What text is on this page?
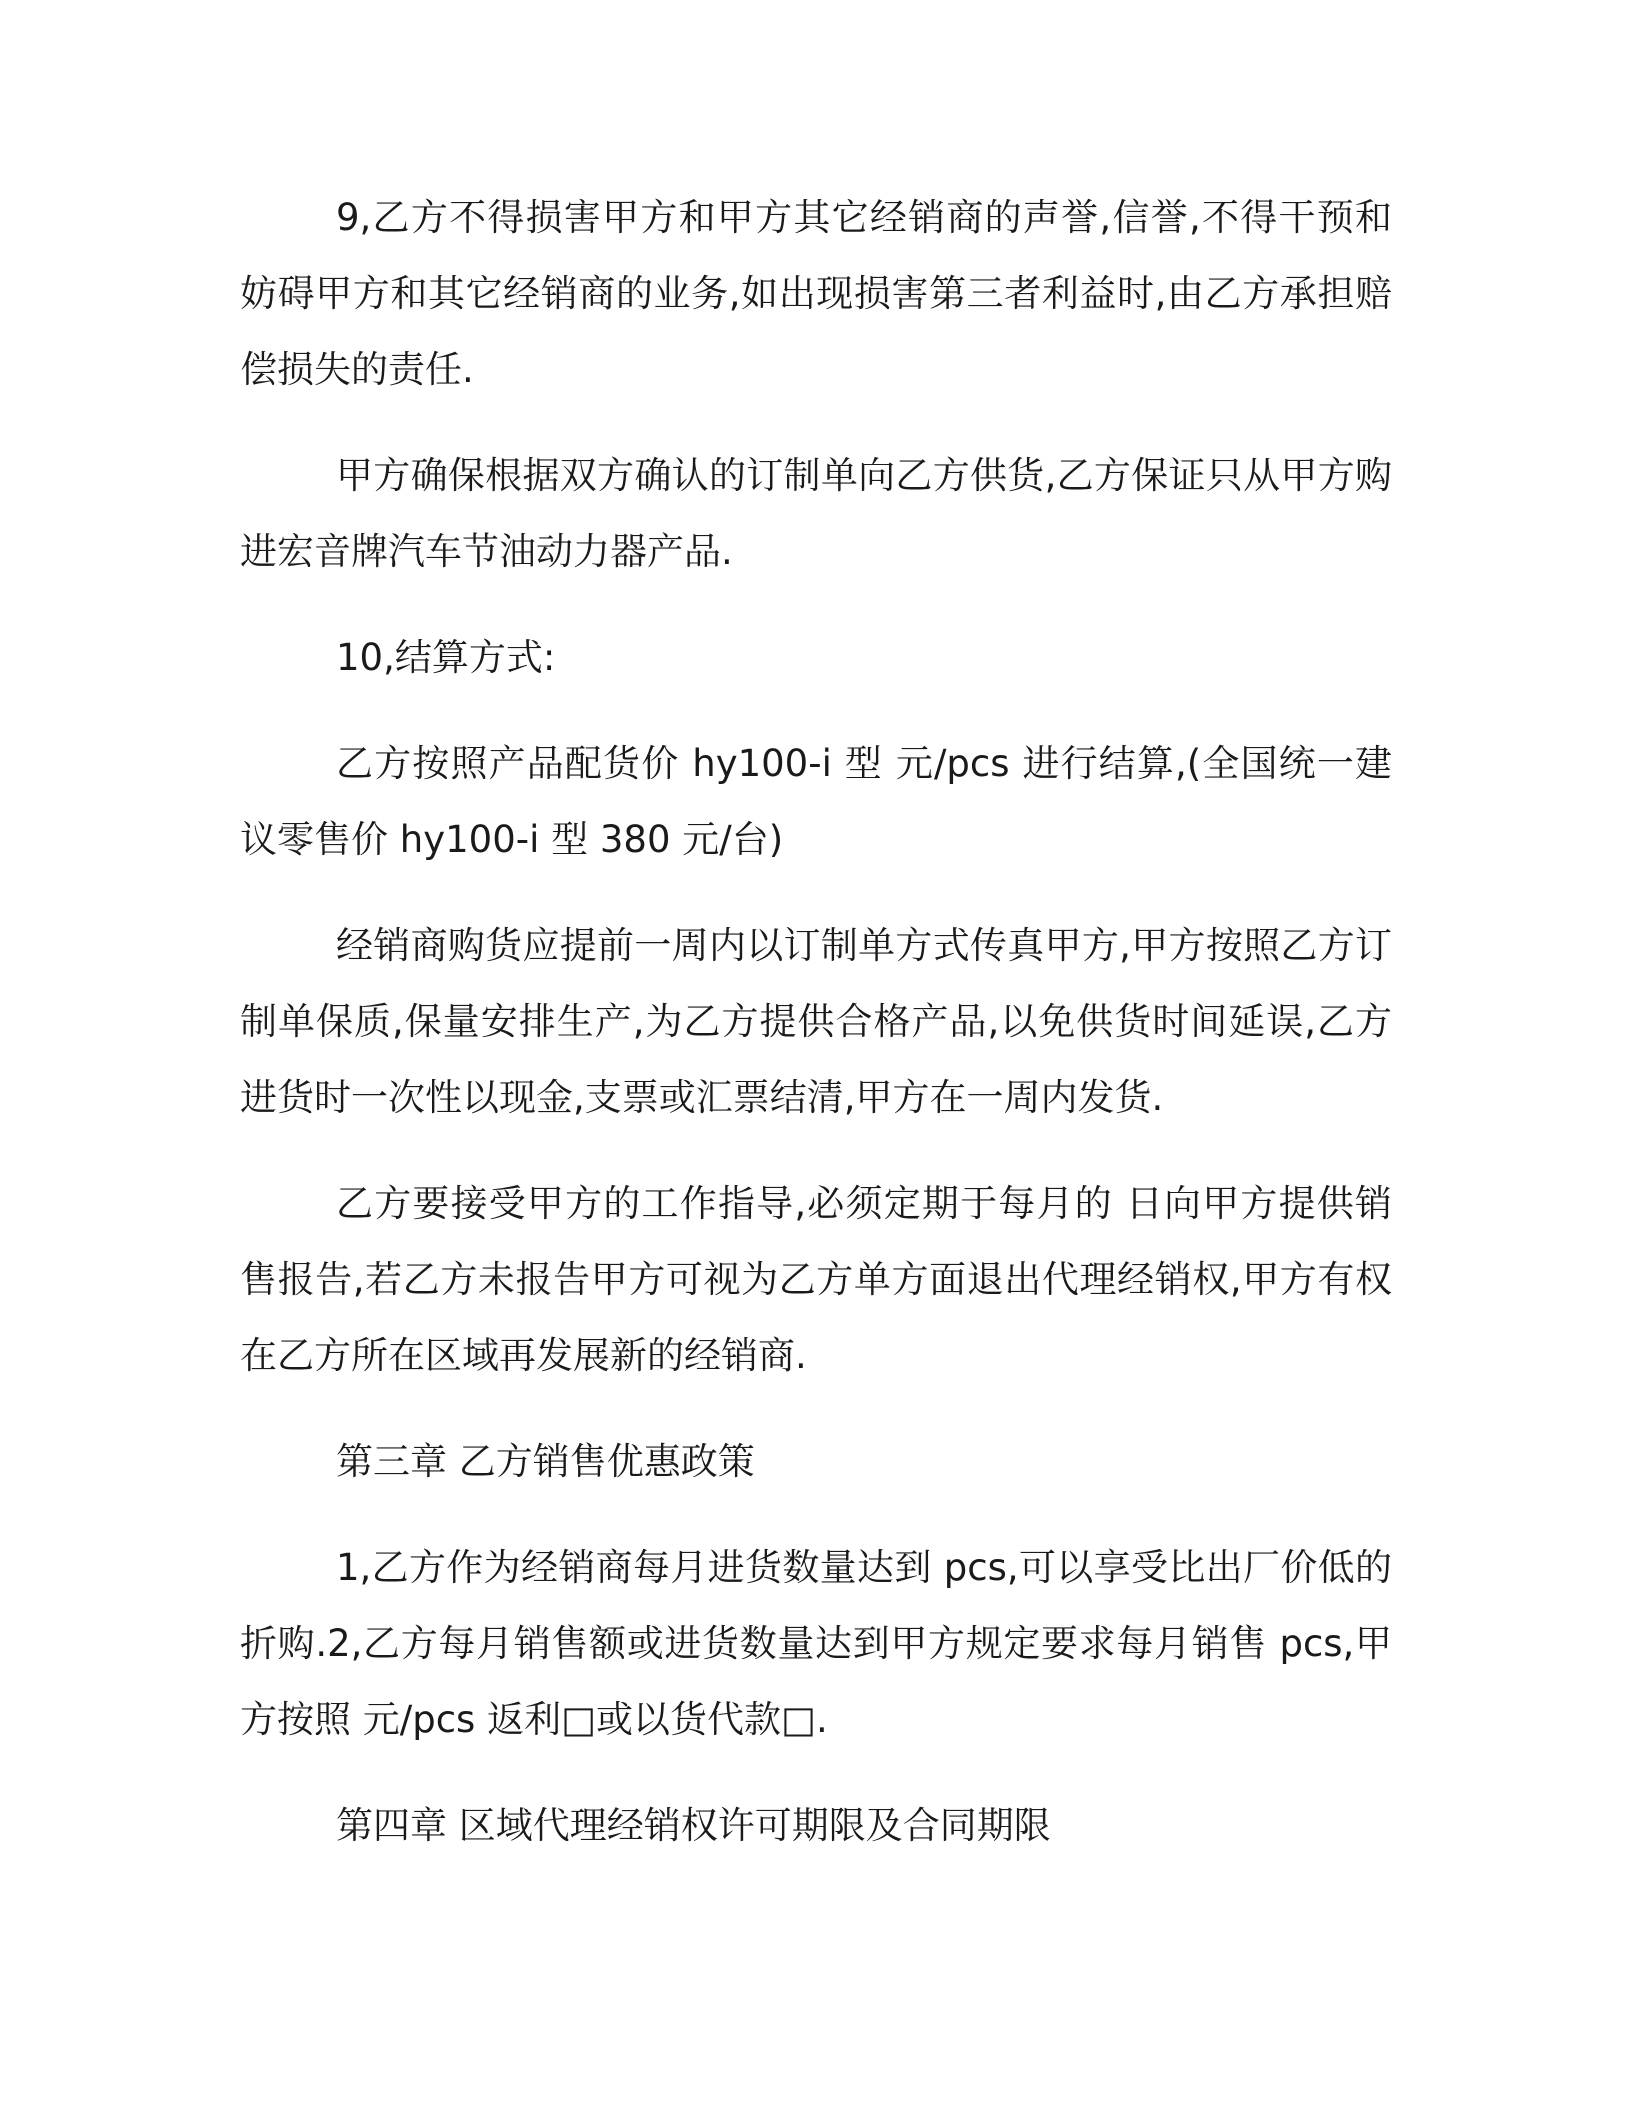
9,乙方不得损害甲方和甲方其它经销商的声誉,信誉,不得干预和妨碍甲方和其它经销商的业务,如出现损害第三者利益时,由乙方承担赔偿损失的责任.

甲方确保根据双方确认的订制单向乙方供货,乙方保证只从甲方购进宏音牌汽车节油动力器产品.

10,结算方式:

乙方按照产品配货价 hy100-i 型 元/pcs 进行结算,(全国统一建议零售价 hy100-i 型 380 元/台)

经销商购货应提前一周内以订制单方式传真甲方,甲方按照乙方订制单保质,保量安排生产,为乙方提供合格产品,以免供货时间延误,乙方进货时一次性以现金,支票或汇票结清,甲方在一周内发货.

乙方要接受甲方的工作指导,必须定期于每月的 日向甲方提供销售报告,若乙方未报告甲方可视为乙方单方面退出代理经销权,甲方有权在乙方所在区域再发展新的经销商.

第三章 乙方销售优惠政策

1,乙方作为经销商每月进货数量达到 pcs,可以享受比出厂价低的折购.2,乙方每月销售额或进货数量达到甲方规定要求每月销售 pcs,甲方按照 元/pcs 返利□或以货代款□.

第四章 区域代理经销权许可期限及合同期限
